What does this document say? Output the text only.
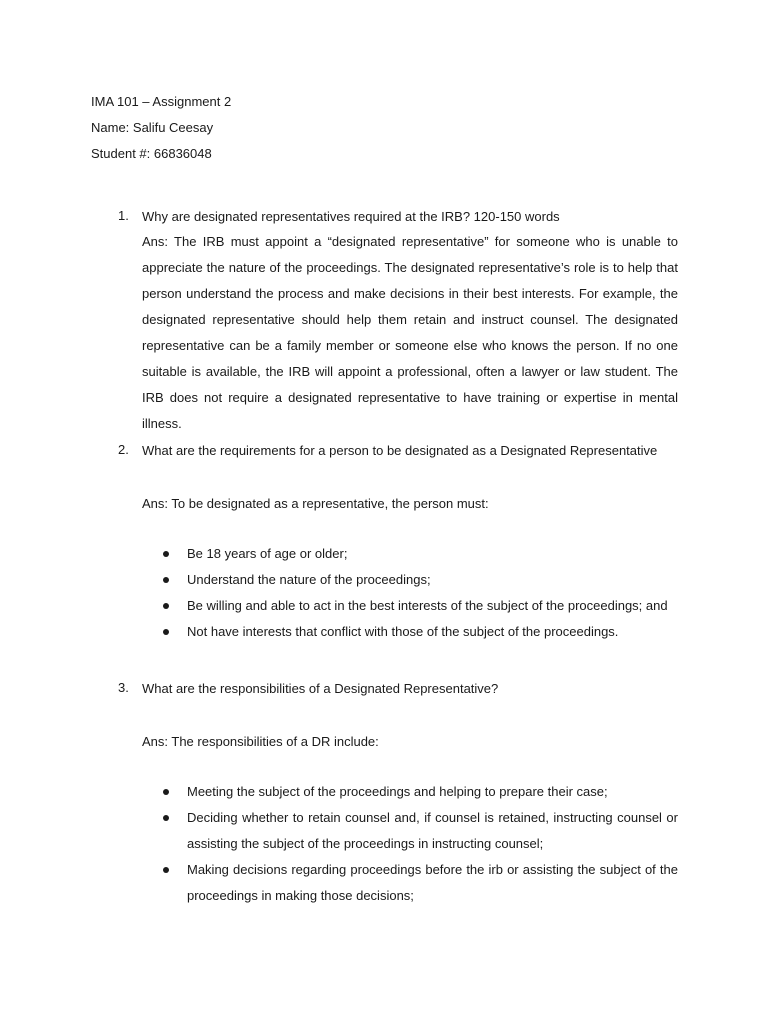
IMA 101 – Assignment 2
Name: Salifu Ceesay
Student #: 66836048
1.	Why are designated representatives required at the IRB? 120-150 words
Ans: The IRB must appoint a “designated representative” for someone who is unable to appreciate the nature of the proceedings. The designated representative’s role is to help that person understand the process and make decisions in their best interests. For example, the designated representative should help them retain and instruct counsel. The designated representative can be a family member or someone else who knows the person. If no one suitable is available, the IRB will appoint a professional, often a lawyer or law student. The IRB does not require a designated representative to have training or expertise in mental illness.
2.	What are the requirements for a person to be designated as a Designated Representative
Ans: To be designated as a representative, the person must:
Be 18 years of age or older;
Understand the nature of the proceedings;
Be willing and able to act in the best interests of the subject of the proceedings; and
Not have interests that conflict with those of the subject of the proceedings.
3.	What are the responsibilities of a Designated Representative?
Ans: The responsibilities of a DR include:
Meeting the subject of the proceedings and helping to prepare their case;
Deciding whether to retain counsel and, if counsel is retained, instructing counsel or assisting the subject of the proceedings in instructing counsel;
Making decisions regarding proceedings before the irb or assisting the subject of the proceedings in making those decisions;
